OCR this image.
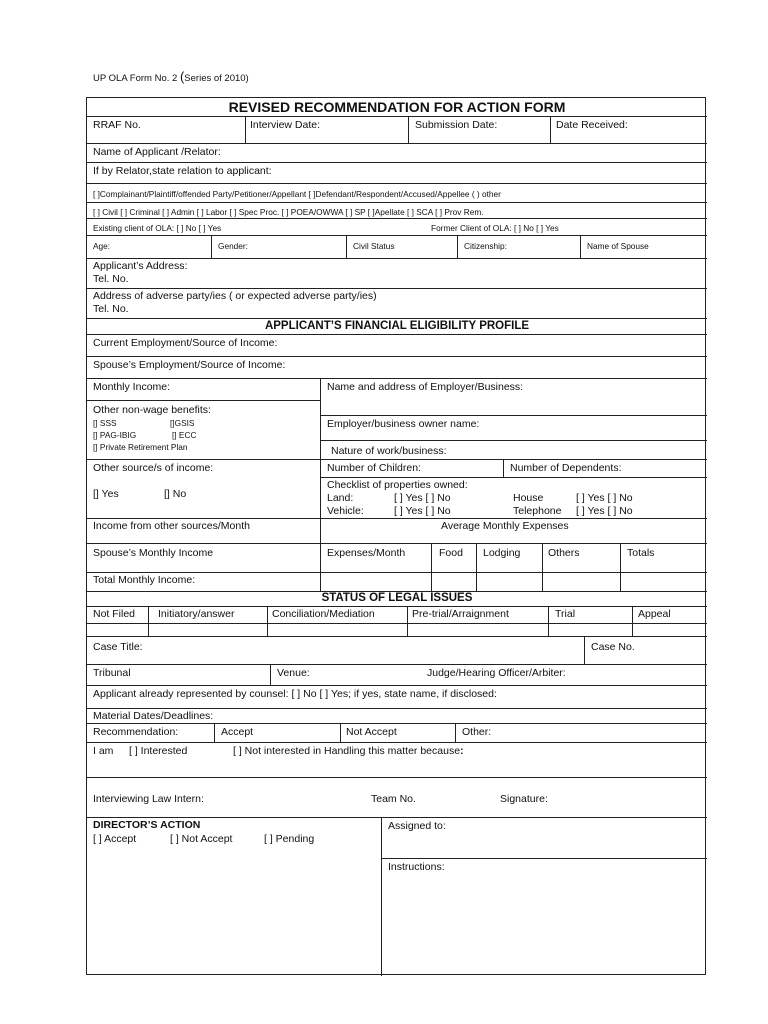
UP OLA Form No. 2 (Series of 2010)
REVISED RECOMMENDATION FOR ACTION FORM
RRAF No.	Interview Date:	Submission Date:	Date Received:
Name of Applicant /Relator:
If by Relator,state relation to applicant:
[ ]Complainant/Plaintiff/offended Party/Petitioner/Appellant [ ]Defendant/Respondent/Accused/Appellee ( ) other
[ ] Civil [ ] Criminal [ ] Admin [ ] Labor [ ] Spec Proc. [ ] POEA/OWWA [ ] SP [ ]Apellate [ ] SCA [ ] Prov Rem.
Existing client of OLA: [ ] No [ ] Yes	Former Client of OLA: [ ] No [ ] Yes
Age:	Gender:	Civil Status	Citizenship:	Name of Spouse
Applicant’s Address:
Tel. No.
Address of adverse party/ies ( or expected adverse party/ies)
Tel. No.
APPLICANT’S FINANCIAL ELIGIBILITY PROFILE
Current Employment/Source of Income:
Spouse’s Employment/Source of Income:
Monthly Income:	Name and address of Employer/Business:
Other non-wage benefits:
[] SSS	[]GSIS
[] PAG-IBIG	[] ECC
[] Private Retirement Plan
Employer/business owner name:
Nature of work/business:
Other source/s of income:
[] Yes	[] No
Number of Children:	Number of Dependents:
Checklist of properties owned:
Land:	[ ] Yes [ ] No	House	[ ] Yes [ ] No
Vehicle:	[ ] Yes [ ] No	Telephone [ ] Yes [ ] No
Income from other sources/Month	Average Monthly Expenses
Spouse’s Monthly Income	Expenses/Month	Food Lodging	Others	Totals
Total Monthly Income:
STATUS OF LEGAL ISSUES
Not Filed Initiatory/answer	Conciliation/Mediation	Pre-trial/Arraignment	Trial	Appeal
Case Title:	Case No.
Tribunal	Venue:	Judge/Hearing Officer/Arbiter:
Applicant already represented by counsel: [ ] No [ ] Yes; if yes, state name, if disclosed:
Material Dates/Deadlines:
Recommendation:	Accept	Not Accept	Other:
I am [ ] Interested	[ ] Not interested in Handling this matter because:
Interviewing Law Intern:	Team No.	Signature:
DIRECTOR’S ACTION
[ ] Accept	[ ] Not Accept	[ ] Pending
Assigned to:
Instructions:
